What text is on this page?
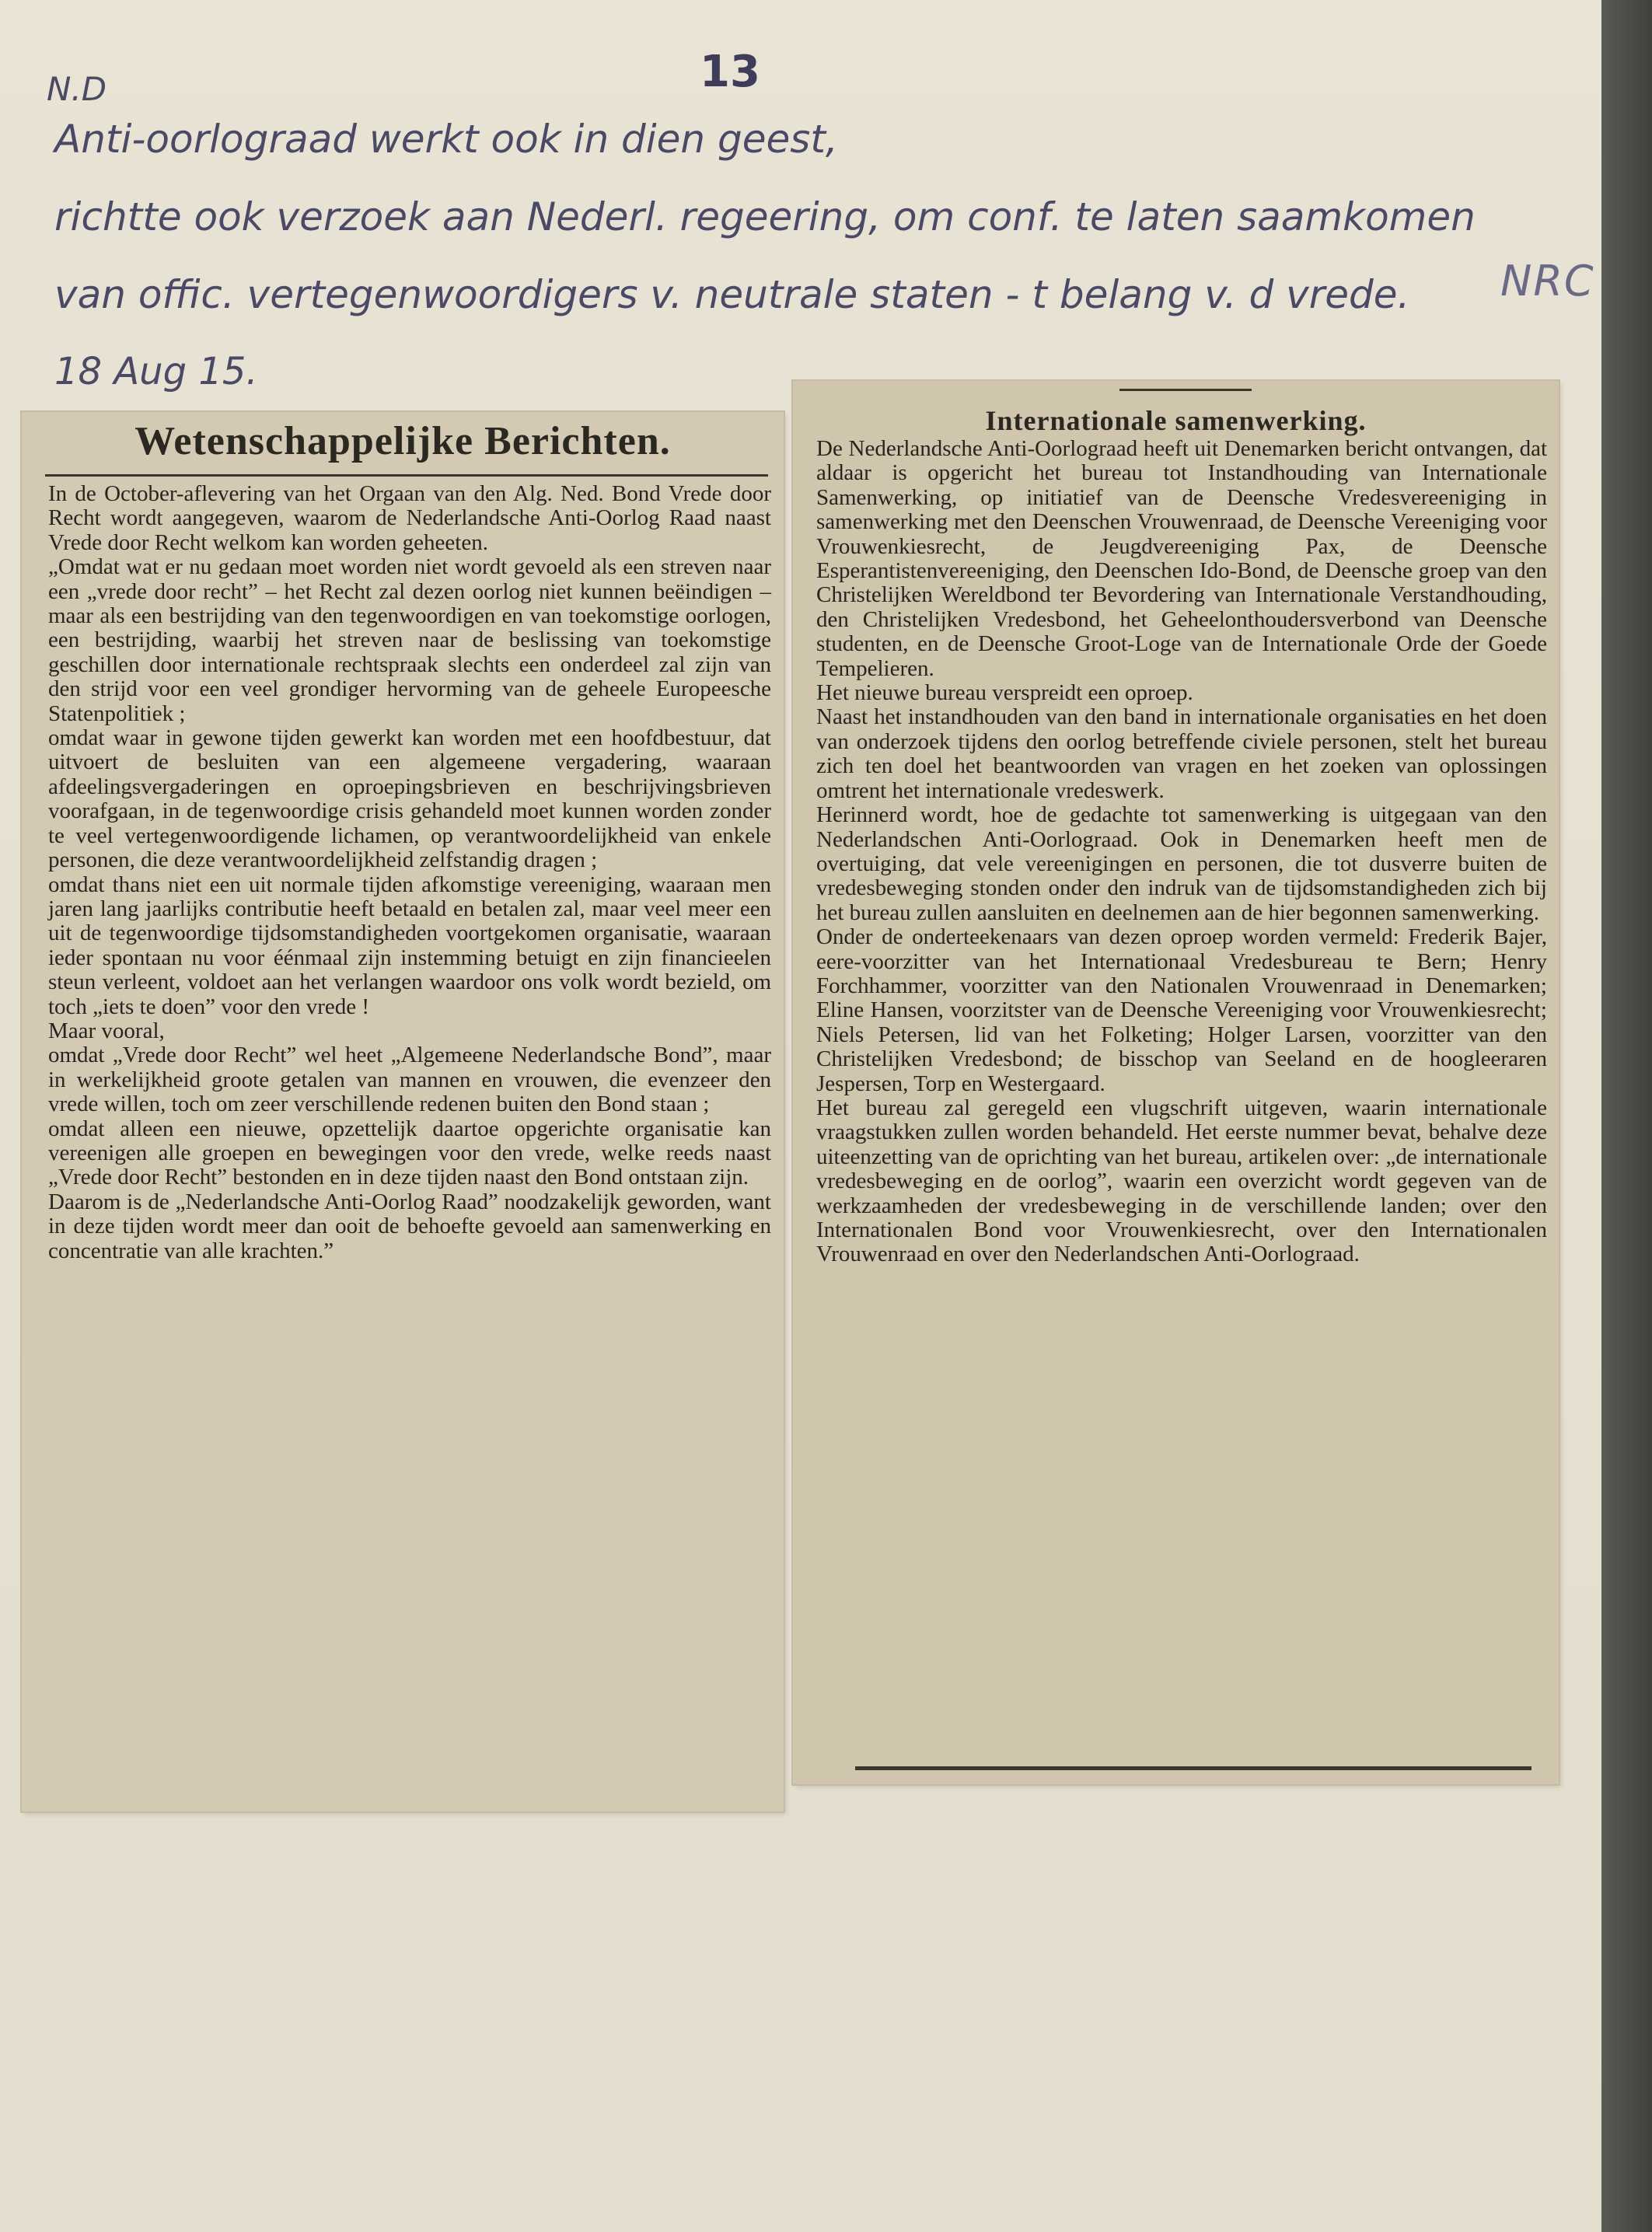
13
N.D
Anti-oorlograad werkt ook in dien geest,
richtte ook verzoek aan Nederl. regeering, om conf. te laten saamkomen
van offic. vertegenwoordigers v. neutrale staten - t belang v. d vrede. NRC
18 Aug 15.
Wetenschappelijke Berichten.

In de October-aflevering van het Orgaan van den Alg. Ned. Bond Vrede door Recht wordt aangegeven, waarom de Nederlandsche Anti-Oorlog Raad naast Vrede door Recht welkom kan worden geheeten.
„Omdat wat er nu gedaan moet worden niet wordt gevoeld als een streven naar een „vrede door recht” – het Recht zal dezen oorlog niet kunnen beëindigen – maar als een bestrijding van den tegenwoordigen en van toekomstige oorlogen, een bestrijding, waarbij het streven naar de beslissing van toekomstige geschillen door internationale rechtspraak slechts een onderdeel zal zijn van den strijd voor een veel grondiger hervorming van de geheele Europeesche Statenpolitiek ;
omdat waar in gewone tijden gewerkt kan worden met een hoofdbestuur, dat uitvoert de besluiten van een algemeene vergadering, waaraan afdeelingsvergaderingen en oproepingsbrieven en beschrijvingsbrieven voorafgaan, in de tegenwoordige crisis gehandeld moet kunnen worden zonder te veel vertegenwoordigende lichamen, op verantwoordelijkheid van enkele personen, die deze verantwoordelijkheid zelfstandig dragen ;
omdat thans niet een uit normale tijden afkomstige vereeniging, waaraan men jaren lang jaarlijks contributie heeft betaald en betalen zal, maar veel meer een uit de tegenwoordige tijdsomstandigheden voortgekomen organisatie, waaraan ieder spontaan nu voor éénmaal zijn instemming betuigt en zijn financieelen steun verleent, voldoet aan het verlangen waardoor ons volk wordt bezield, om toch „iets te doen” voor den vrede !
Maar vooral,
omdat „Vrede door Recht” wel heet „Algemeene Nederlandsche Bond”, maar in werkelijkheid groote getalen van mannen en vrouwen, die evenzeer den vrede willen, toch om zeer verschillende redenen buiten den Bond staan ;
omdat alleen een nieuwe, opzettelijk daartoe opgerichte organisatie kan vereenigen alle groepen en bewegingen voor den vrede, welke reeds naast „Vrede door Recht” bestonden en in deze tijden naast den Bond ontstaan zijn.
Daarom is de „Nederlandsche Anti-Oorlog Raad” noodzakelijk geworden, want in deze tijden wordt meer dan ooit de behoefte gevoeld aan samenwerking en concentratie van alle krachten.”

Internationale samenwerking.

De Nederlandsche Anti-Oorlograad heeft uit Denemarken bericht ontvangen, dat aldaar is opgericht het bureau tot Instandhouding van Internationale Samenwerking, op initiatief van de Deensche Vredesvereeniging in samenwerking met den Deenschen Vrouwenraad, de Deensche Vereeniging voor Vrouwenkiesrecht, de Jeugdvereeniging Pax, de Deensche Esperantistenvereeniging, den Deenschen Ido-Bond, de Deensche groep van den Christelijken Wereldbond ter Bevordering van Internationale Verstandhouding, den Christelijken Vredesbond, het Geheelonthoudersverbond van Deensche studenten, en de Deensche Groot-Loge van de Internationale Orde der Goede Tempelieren.
Het nieuwe bureau verspreidt een oproep.
Naast het instandhouden van den band in internationale organisaties en het doen van onderzoek tijdens den oorlog betreffende civiele personen, stelt het bureau zich ten doel het beantwoorden van vragen en het zoeken van oplossingen omtrent het internationale vredeswerk.
Herinnerd wordt, hoe de gedachte tot samenwerking is uitgegaan van den Nederlandschen Anti-Oorlograad. Ook in Denemarken heeft men de overtuiging, dat vele vereenigingen en personen, die tot dusverre buiten de vredesbeweging stonden onder den indruk van de tijdsomstandigheden zich bij het bureau zullen aansluiten en deelnemen aan de hier begonnen samenwerking.
Onder de onderteekenaars van dezen oproep worden vermeld: Frederik Bajer, eere-voorzitter van het Internationaal Vredesbureau te Bern; Henry Forchhammer, voorzitter van den Nationalen Vrouwenraad in Denemarken; Eline Hansen, voorzitster van de Deensche Vereeniging voor Vrouwenkiesrecht; Niels Petersen, lid van het Folketing; Holger Larsen, voorzitter van den Christelijken Vredesbond; de bisschop van Seeland en de hoogleeraren Jespersen, Torp en Westergaard.
Het bureau zal geregeld een vlugschrift uitgeven, waarin internationale vraagstukken zullen worden behandeld. Het eerste nummer bevat, behalve deze uiteenzetting van de oprichting van het bureau, artikelen over: „de internationale vredesbeweging en de oorlog”, waarin een overzicht wordt gegeven van de werkzaamheden der vredesbeweging in de verschillende landen; over den Internationalen Bond voor Vrouwenkiesrecht, over den Internationalen Vrouwenraad en over den Nederlandschen Anti-Oorlograad.
